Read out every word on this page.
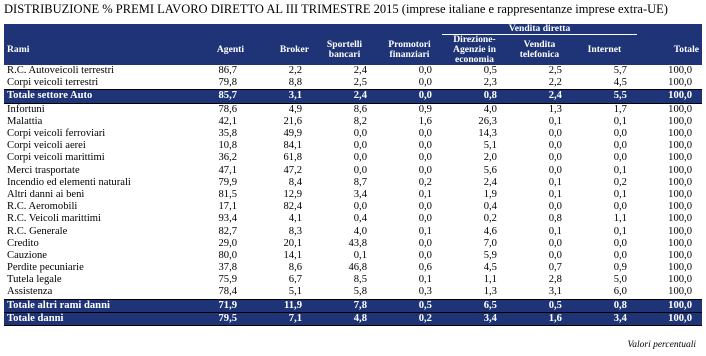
DISTRIBUZIONE % PREMI LAVORO DIRETTO AL III TRIMESTRE 2015 (imprese italiane e rappresentanze imprese extra-UE)
					Vendita diretta			
Rami	Agenti	Broker	Sportelli bancari	Promotori finanziari	Direzione-Agenzie in economia	Vendita telefonica	Internet	Totale
R.C. Autoveicoli terrestri	86,7	2,2	2,4	0,0	0,5	2,5	5,7	100,0
Corpi veicoli terrestri	79,8	8,8	2,5	0,0	2,3	2,2	4,5	100,0
Totale settore Auto	85,7	3,1	2,4	0,0	0,8	2,4	5,5	100,0
Infortuni	78,6	4,9	8,6	0,9	4,0	1,3	1,7	100,0
Malattia	42,1	21,6	8,2	1,6	26,3	0,1	0,1	100,0
Corpi veicoli ferroviari	35,8	49,9	0,0	0,0	14,3	0,0	0,0	100,0
Corpi veicoli aerei	10,8	84,1	0,0	0,0	5,1	0,0	0,0	100,0
Corpi veicoli marittimi	36,2	61,8	0,0	0,0	2,0	0,0	0,0	100,0
Merci trasportate	47,1	47,2	0,0	0,0	5,6	0,0	0,1	100,0
Incendio ed elementi naturali	79,9	8,4	8,7	0,2	2,4	0,1	0,2	100,0
Altri danni ai beni	81,5	12,9	3,4	0,1	1,9	0,1	0,1	100,0
R.C. Aeromobili	17,1	82,4	0,0	0,0	0,4	0,0	0,0	100,0
R.C. Veicoli marittimi	93,4	4,1	0,4	0,0	0,2	0,8	1,1	100,0
R.C. Generale	82,7	8,3	4,0	0,1	4,6	0,1	0,1	100,0
Credito	29,0	20,1	43,8	0,0	7,0	0,0	0,0	100,0
Cauzione	80,0	14,1	0,1	0,0	5,9	0,0	0,0	100,0
Perdite pecuniarie	37,8	8,6	46,8	0,6	4,5	0,7	0,9	100,0
Tutela legale	75,9	6,7	8,5	0,1	1,1	2,8	5,0	100,0
Assistenza	78,4	5,1	5,8	0,3	1,3	3,1	6,0	100,0
Totale altri rami danni	71,9	11,9	7,8	0,5	6,5	0,5	0,8	100,0
Totale danni	79,5	7,1	4,8	0,2	3,4	1,6	3,4	100,0
Valori percentuali
